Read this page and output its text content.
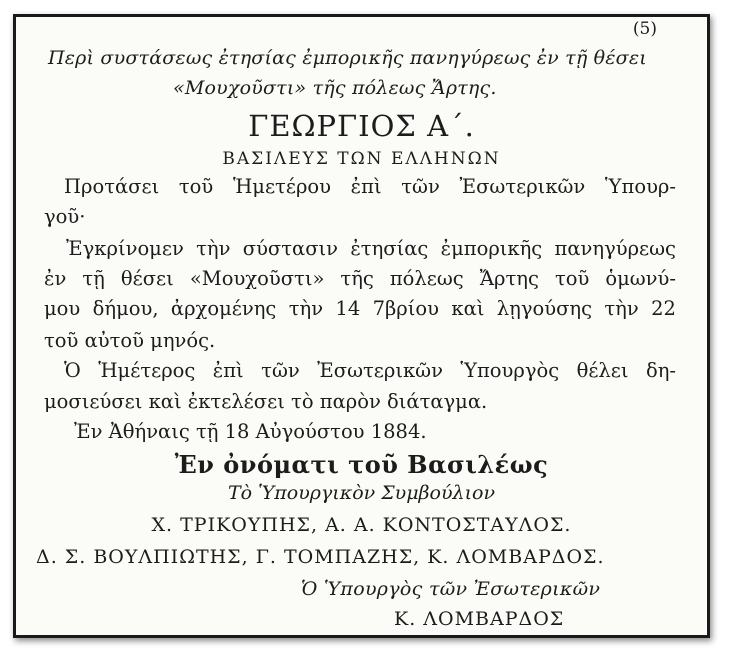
(5)
Περὶ συστάσεως ἐτησίας ἐμπορικῆς πανηγύρεως ἐν τῇ θέσει
«Μουχοῦστι» τῆς πόλεως Ἄρτης.
ΓΕΩΡΓΙΟΣ Α΄.
ΒΑΣΙΛΕΥΣ ΤΩΝ ΕΛΛΗΝΩΝ
Προτάσει τοῦ Ἡμετέρου ἐπὶ τῶν Ἐσωτερικῶν Ὑπουρ-
γοῦ·
Ἐγκρίνομεν τὴν σύστασιν ἐτησίας ἐμπορικῆς πανηγύρεως
ἐν τῇ θέσει «Μουχοῦστι» τῆς πόλεως Ἄρτης τοῦ ὁμωνύ-
μου δήμου, ἀρχομένης τὴν 14 7βρίου καὶ λῃγούσης τὴν 22
τοῦ αὐτοῦ μηνός.
Ὁ Ἡμέτερος ἐπὶ τῶν Ἐσωτερικῶν Ὑπουργὸς θέλει δη-
μοσιεύσει καὶ ἐκτελέσει τὸ παρὸν διάταγμα.
Ἐν Ἀθήναις τῇ 18 Αὐγούστου 1884.
Ἐν ὀνόματι τοῦ Βασιλέως
Τὸ Ὑπουργικὸν Συμβούλιον
Χ. ΤΡΙΚΟΥΠΗΣ, Α. Α. ΚΟΝΤΟΣΤΑΥΛΟΣ.
Δ. Σ. ΒΟΥΛΠΙΩΤΗΣ, Γ. ΤΟΜΠΑΖΗΣ, Κ. ΛΟΜΒΑΡΔΟΣ.
Ὁ Ὑπουργὸς τῶν Ἐσωτερικῶν
Κ. ΛΟΜΒΑΡΔΟΣ
